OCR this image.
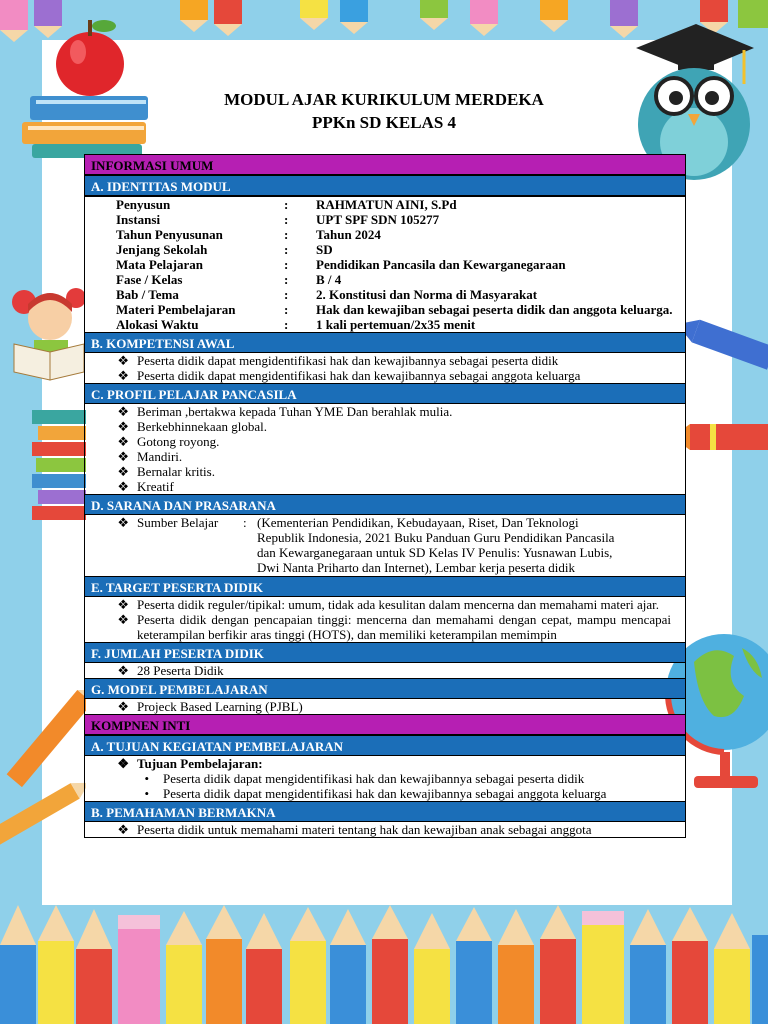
MODUL AJAR KURIKULUM MERDEKA
PPKn SD KELAS 4
INFORMASI UMUM
A. IDENTITAS MODUL
Penyusun	:	RAHMATUN AINI, S.Pd
Instansi	:	UPT SPF SDN 105277
Tahun Penyusunan	:	Tahun 2024
Jenjang Sekolah	:	SD
Mata Pelajaran	:	Pendidikan Pancasila dan Kewarganegaraan
Fase / Kelas	:	B / 4
Bab / Tema	:	2. Konstitusi dan Norma di Masyarakat
Materi Pembelajaran	:	Hak dan kewajiban sebagai peserta didik dan anggota keluarga.
Alokasi Waktu	:	1 kali pertemuan/2x35 menit
B. KOMPETENSI AWAL
❖ Peserta didik dapat mengidentifikasi hak dan kewajibannya sebagai peserta didik
❖ Peserta didik dapat mengidentifikasi hak dan kewajibannya sebagai anggota keluarga
C. PROFIL PELAJAR PANCASILA
❖ Beriman ,bertakwa kepada Tuhan YME Dan berahlak mulia.
❖ Berkebhinnekaan global.
❖ Gotong royong.
❖ Mandiri.
❖ Bernalar kritis.
❖ Kreatif
D. SARANA DAN PRASARANA
❖ Sumber Belajar	: (Kementerian Pendidikan, Kebudayaan, Riset, Dan Teknologi
Republik Indonesia, 2021 Buku Panduan Guru Pendidikan Pancasila
dan Kewarganegaraan untuk SD Kelas IV Penulis: Yusnawan Lubis,
Dwi Nanta Priharto dan Internet), Lembar kerja peserta didik
E. TARGET PESERTA DIDIK
❖ Peserta didik reguler/tipikal: umum, tidak ada kesulitan dalam mencerna dan memahami materi ajar.
❖ Peserta didik dengan pencapaian tinggi: mencerna dan memahami dengan cepat, mampu mencapai keterampilan berfikir aras tinggi (HOTS), dan memiliki keterampilan memimpin
F. JUMLAH PESERTA DIDIK
❖ 28 Peserta Didik
G. MODEL PEMBELAJARAN
❖ Projeck Based Learning (PJBL)
KOMPNEN INTI
A. TUJUAN KEGIATAN PEMBELAJARAN
❖ Tujuan Pembelajaran:
•	Peserta didik dapat mengidentifikasi hak dan kewajibannya sebagai peserta didik
•	Peserta didik dapat mengidentifikasi hak dan kewajibannya sebagai anggota keluarga
B. PEMAHAMAN BERMAKNA
❖ Peserta didik untuk memahami materi tentang hak dan kewajiban anak sebagai anggota
